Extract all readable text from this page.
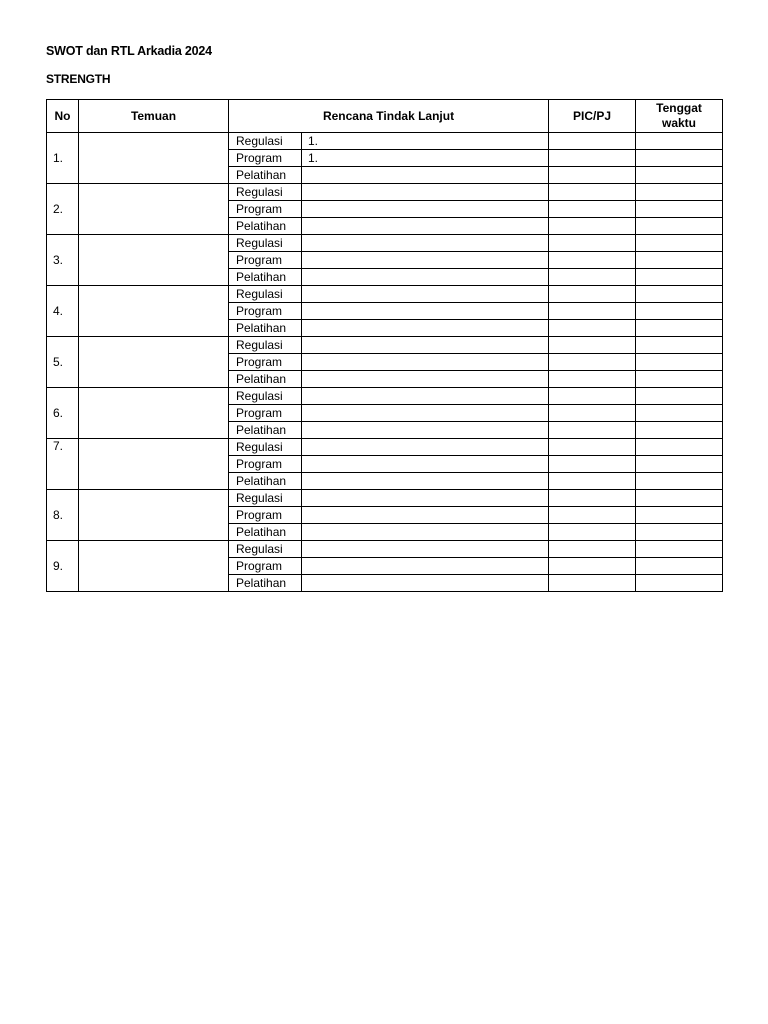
SWOT dan RTL Arkadia 2024
STRENGTH
No	Temuan	Rencana Tindak Lanjut		PIC/PJ	Tenggat waktu
1.		Regulasi	1.		
		Program	1.		
		Pelatihan			
2.		Regulasi			
		Program			
		Pelatihan			
3.		Regulasi			
		Program			
		Pelatihan			
4.		Regulasi			
		Program			
		Pelatihan			
5.		Regulasi			
		Program			
		Pelatihan			
6.		Regulasi			
		Program			
		Pelatihan			
7.		Regulasi			
		Program			
		Pelatihan			
8.		Regulasi			
		Program			
		Pelatihan			
9.		Regulasi			
		Program			
		Pelatihan			
